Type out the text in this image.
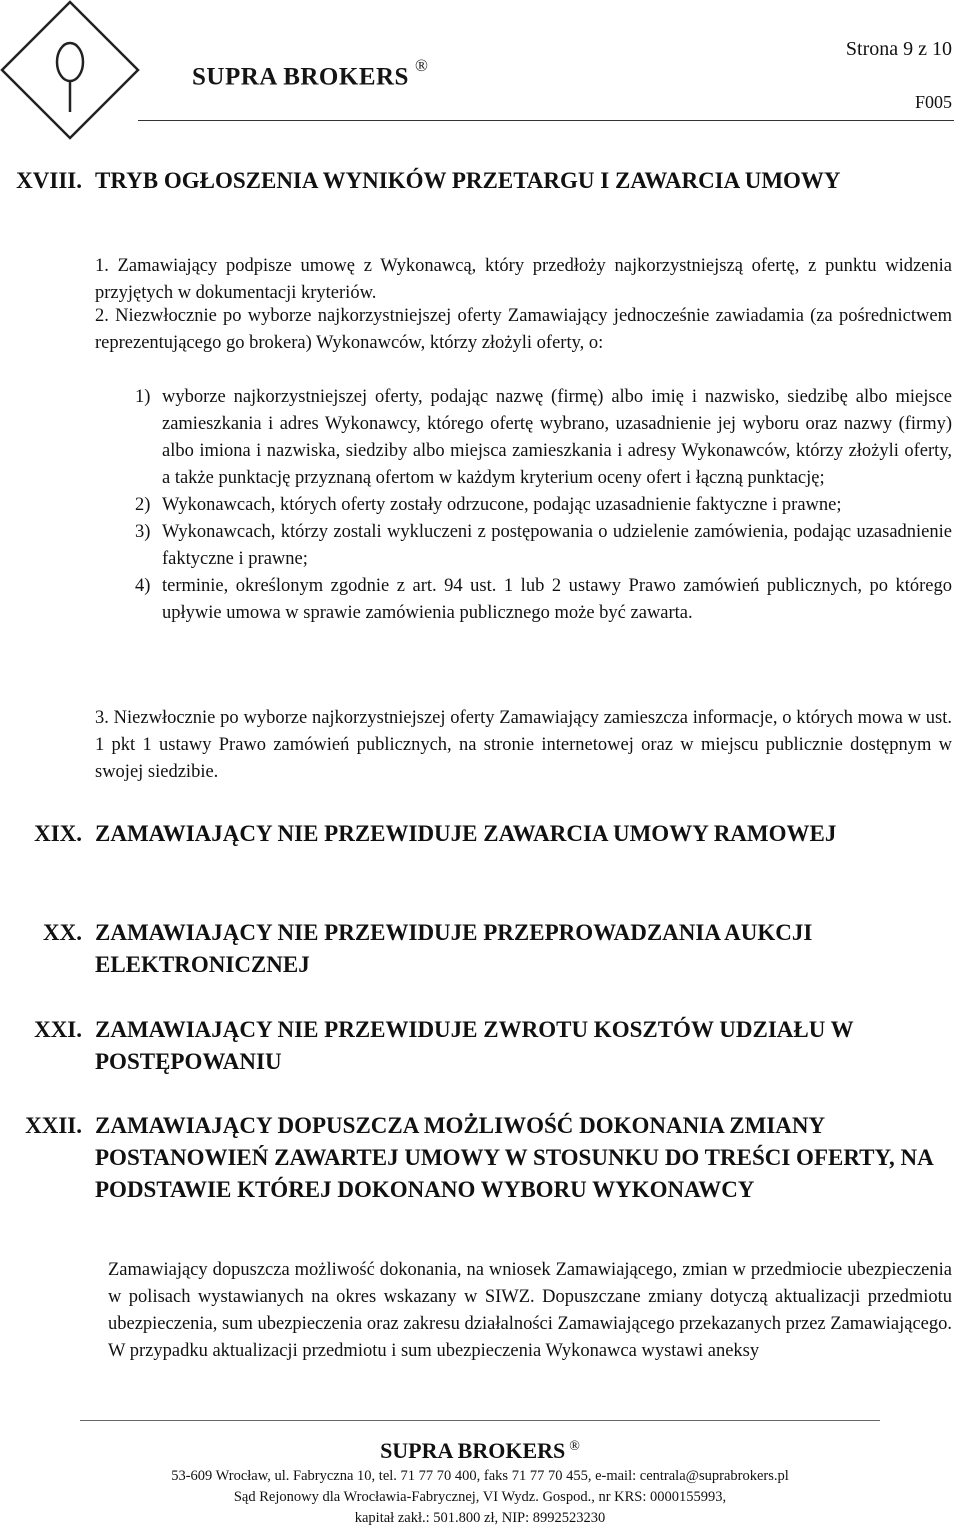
SUPRA BROKERS ®
Strona 9 z 10
F005
XVIII. TRYB OGŁOSZENIA WYNIKÓW PRZETARGU I ZAWARCIA UMOWY
1. Zamawiający podpisze umowę z Wykonawcą, który przedłoży najkorzystniejszą ofertę, z punktu widzenia przyjętych w dokumentacji kryteriów.
2. Niezwłocznie po wyborze najkorzystniejszej oferty Zamawiający jednocześnie zawiadamia (za pośrednictwem reprezentującego go brokera) Wykonawców, którzy złożyli oferty, o:
1) wyborze najkorzystniejszej oferty, podając nazwę (firmę) albo imię i nazwisko, siedzibę albo miejsce zamieszkania i adres Wykonawcy, którego ofertę wybrano, uzasadnienie jej wyboru oraz nazwy (firmy) albo imiona i nazwiska, siedziby albo miejsca zamieszkania i adresy Wykonawców, którzy złożyli oferty, a także punktację przyznaną ofertom w każdym kryterium oceny ofert i łączną punktację;
2) Wykonawcach, których oferty zostały odrzucone, podając uzasadnienie faktyczne i prawne;
3) Wykonawcach, którzy zostali wykluczeni z postępowania o udzielenie zamówienia, podając uzasadnienie faktyczne i prawne;
4) terminie, określonym zgodnie z art. 94 ust. 1 lub 2 ustawy Prawo zamówień publicznych, po którego upływie umowa w sprawie zamówienia publicznego może być zawarta.
3. Niezwłocznie po wyborze najkorzystniejszej oferty Zamawiający zamieszcza informacje, o których mowa w ust. 1 pkt 1 ustawy Prawo zamówień publicznych, na stronie internetowej oraz w miejscu publicznie dostępnym w swojej siedzibie.
XIX. ZAMAWIAJĄCY NIE PRZEWIDUJE ZAWARCIA UMOWY RAMOWEJ
XX. ZAMAWIAJĄCY NIE PRZEWIDUJE PRZEPROWADZANIA AUKCJI ELEKTRONICZNEJ
XXI. ZAMAWIAJĄCY NIE PRZEWIDUJE ZWROTU KOSZTÓW UDZIAŁU W POSTĘPOWANIU
XXII. ZAMAWIAJĄCY DOPUSZCZA MOŻLIWOŚĆ DOKONANIA ZMIANY POSTANOWIEŃ ZAWARTEJ UMOWY W STOSUNKU DO TREŚCI OFERTY, NA PODSTAWIE KTÓREJ DOKONANO WYBORU WYKONAWCY
Zamawiający dopuszcza możliwość dokonania, na wniosek Zamawiającego, zmian w przedmiocie ubezpieczenia w polisach wystawianych na okres wskazany w SIWZ. Dopuszczane zmiany dotyczą aktualizacji przedmiotu ubezpieczenia, sum ubezpieczenia oraz zakresu działalności Zamawiającego przekazanych przez Zamawiającego. W przypadku aktualizacji przedmiotu i sum ubezpieczenia Wykonawca wystawi aneksy
SUPRA BROKERS ®
53-609 Wrocław, ul. Fabryczna 10, tel. 71 77 70 400, faks 71 77 70 455, e-mail: centrala@suprabrokers.pl
Sąd Rejonowy dla Wrocławia-Fabrycznej, VI Wydz. Gospod., nr KRS: 0000155993,
kapitał zakł.: 501.800 zł, NIP: 8992523230
